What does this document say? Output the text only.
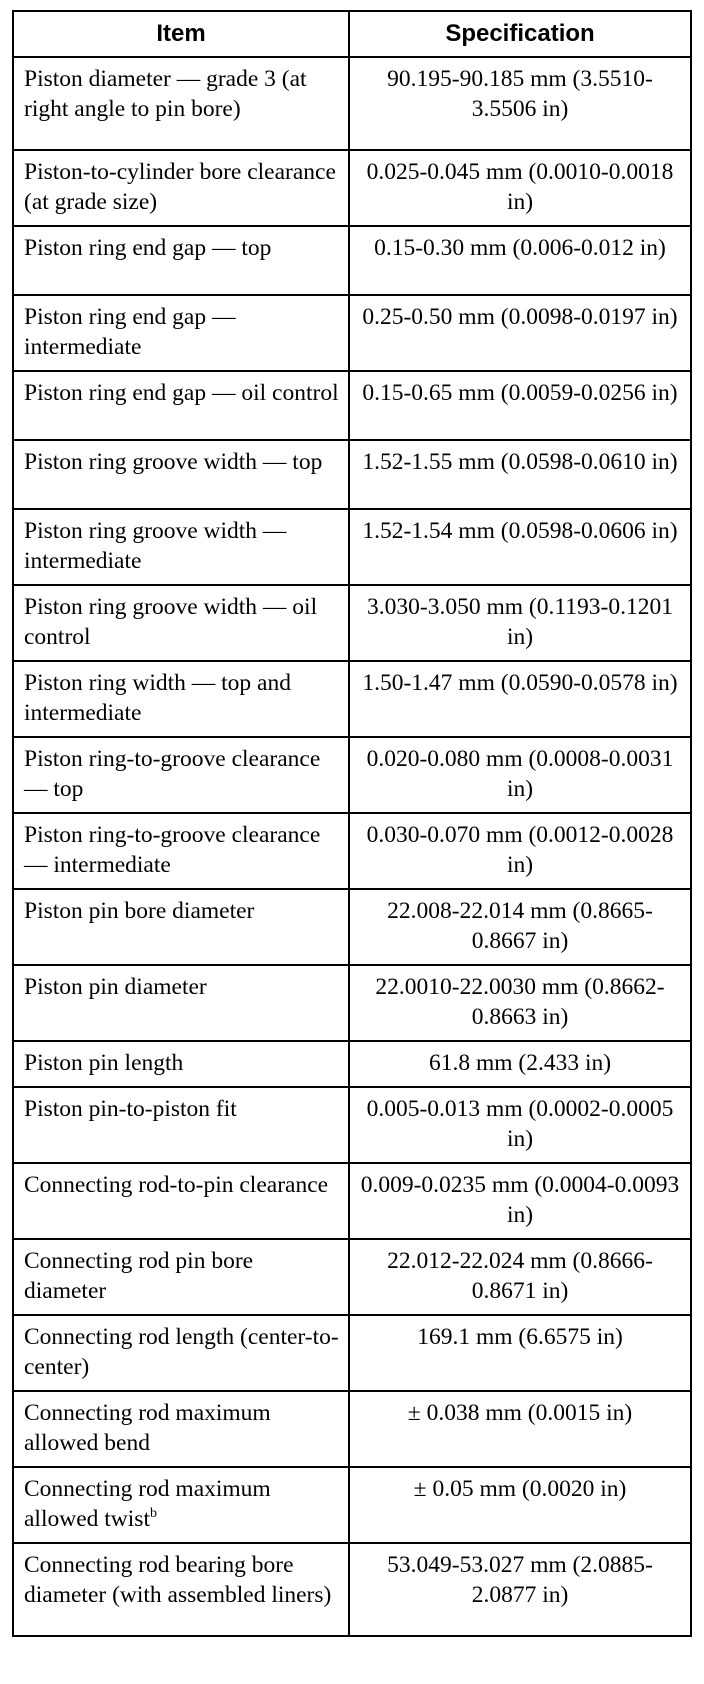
Item	Specification
Piston diameter — grade 3 (at right angle to pin bore)	90.195-90.185 mm (3.5510-3.5506 in)
Piston-to-cylinder bore clearance (at grade size)	0.025-0.045 mm (0.0010-0.0018 in)
Piston ring end gap — top	0.15-0.30 mm (0.006-0.012 in)
Piston ring end gap — intermediate	0.25-0.50 mm (0.0098-0.0197 in)
Piston ring end gap — oil control	0.15-0.65 mm (0.0059-0.0256 in)
Piston ring groove width — top	1.52-1.55 mm (0.0598-0.0610 in)
Piston ring groove width — intermediate	1.52-1.54 mm (0.0598-0.0606 in)
Piston ring groove width — oil control	3.030-3.050 mm (0.1193-0.1201 in)
Piston ring width — top and intermediate	1.50-1.47 mm (0.0590-0.0578 in)
Piston ring-to-groove clearance — top	0.020-0.080 mm (0.0008-0.0031 in)
Piston ring-to-groove clearance — intermediate	0.030-0.070 mm (0.0012-0.0028 in)
Piston pin bore diameter	22.008-22.014 mm (0.8665-0.8667 in)
Piston pin diameter	22.0010-22.0030 mm (0.8662-0.8663 in)
Piston pin length	61.8 mm (2.433 in)
Piston pin-to-piston fit	0.005-0.013 mm (0.0002-0.0005 in)
Connecting rod-to-pin clearance	0.009-0.0235 mm (0.0004-0.0093 in)
Connecting rod pin bore diameter	22.012-22.024 mm (0.8666-0.8671 in)
Connecting rod length (center-to-center)	169.1 mm (6.6575 in)
Connecting rod maximum allowed bend	± 0.038 mm (0.0015 in)
Connecting rod maximum allowed twist$^b$	± 0.05 mm (0.0020 in)
Connecting rod bearing bore diameter (with assembled liners)	53.049-53.027 mm (2.0885-2.0877 in)
